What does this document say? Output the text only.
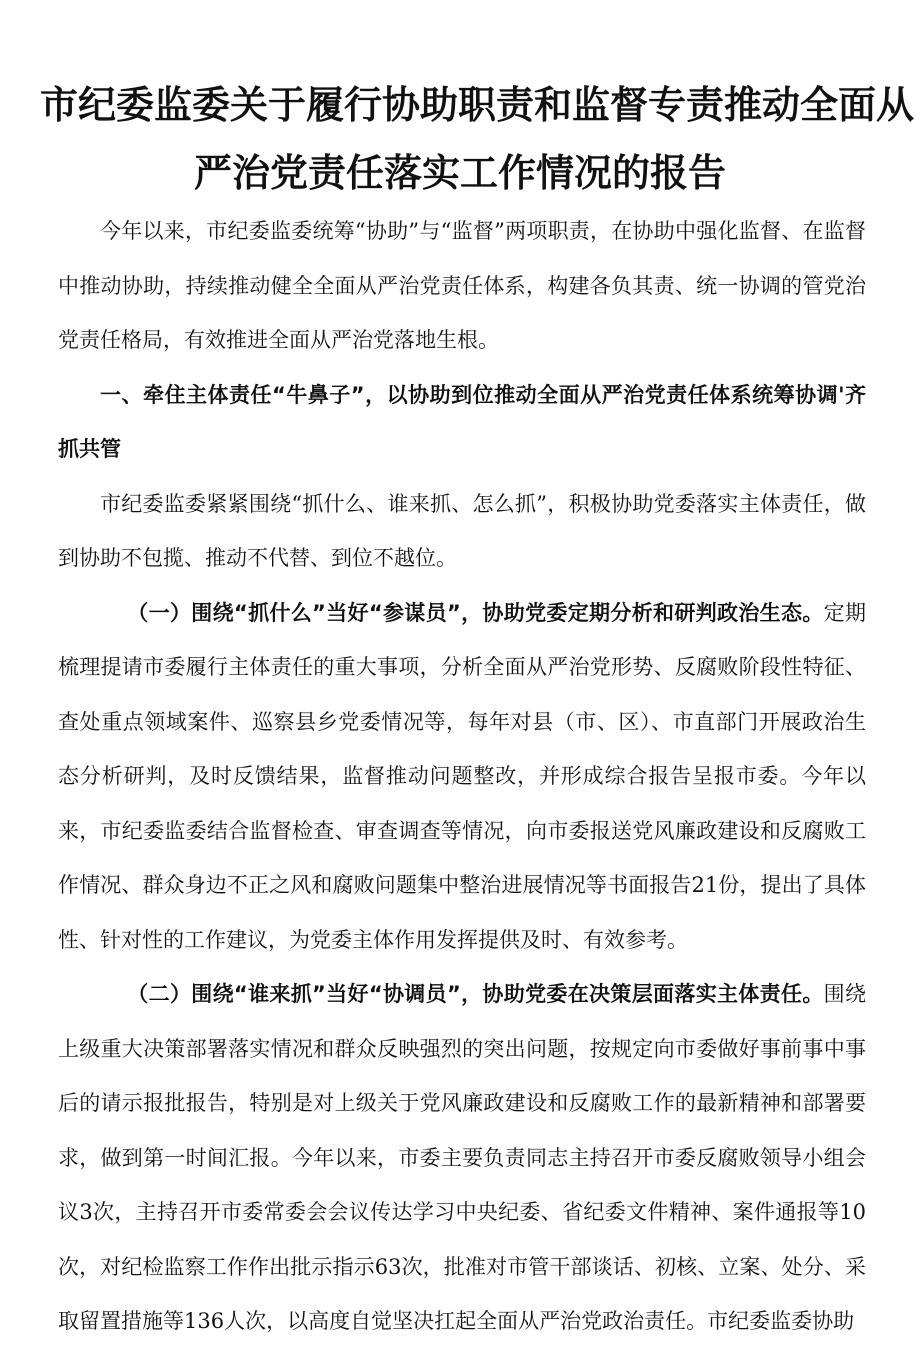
市纪委监委关于履行协助职责和监督专责推动全面从
严治党责任落实工作情况的报告

今年以来，市纪委监委统筹“协助”与“监督”两项职责，在协助中强化监督、在监督中推动协助，持续推动健全全面从严治党责任体系，构建各负其责、统一协调的管党治党责任格局，有效推进全面从严治党落地生根。

一、牵住主体责任“牛鼻子”，以协助到位推动全面从严治党责任体系统筹协调'齐抓共管

市纪委监委紧紧围绕“抓什么、谁来抓、怎么抓”，积极协助党委落实主体责任，做到协助不包揽、推动不代替、到位不越位。

（一）围绕“抓什么”当好“参谋员”，协助党委定期分析和研判政治生态。定期梳理提请市委履行主体责任的重大事项，分析全面从严治党形势、反腐败阶段性特征、查处重点领域案件、巡察县乡党委情况等，每年对县（市、区）、市直部门开展政治生态分析研判，及时反馈结果，监督推动问题整改，并形成综合报告呈报市委。今年以来，市纪委监委结合监督检查、审查调查等情况，向市委报送党风廉政建设和反腐败工作情况、群众身边不正之风和腐败问题集中整治进展情况等书面报告21份，提出了具体性、针对性的工作建议，为党委主体作用发挥提供及时、有效参考。

（二）围绕“谁来抓”当好“协调员”，协助党委在决策层面落实主体责任。围绕上级重大决策部署落实情况和群众反映强烈的突出问题，按规定向市委做好事前事中事后的请示报批报告，特别是对上级关于党风廉政建设和反腐败工作的最新精神和部署要求，做到第一时间汇报。今年以来，市委主要负责同志主持召开市委反腐败领导小组会议3次，主持召开市委常委会会议传达学习中央纪委、省纪委文件精神、案件通报等10次，对纪检监察工作作出批示指示63次，批准对市管干部谈话、初核、立案、处分、采取留置措施等136人次，以高度自觉坚决扛起全面从严治党政治责任。市纪委监委协助
